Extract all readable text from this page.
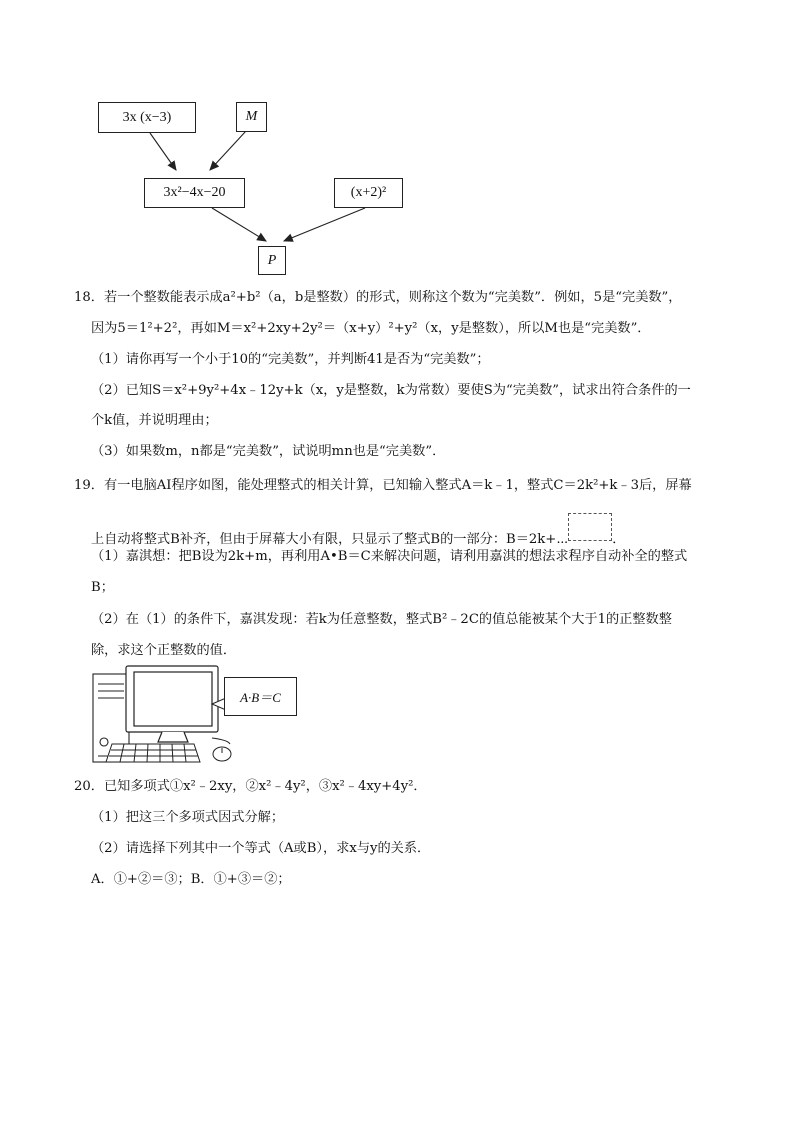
3x (x−3)	M
3x²−4x−20	(x+2)²
P
18．若一个整数能表示成a²+b²（a，b是整数）的形式，则称这个数为“完美数”．例如，5是“完美数”，
因为5＝1²+2²，再如M＝x²+2xy+2y²＝（x+y）²+y²（x，y是整数），所以M也是“完美数”．
（1）请你再写一个小于10的“完美数”，并判断41是否为“完美数”；
（2）已知S＝x²+9y²+4x﹣12y+k（x，y是整数，k为常数）要使S为“完美数”，试求出符合条件的一
个k值，并说明理由；
（3）如果数m，n都是“完美数”，试说明mn也是“完美数”．
19．有一电脑AI程序如图，能处理整式的相关计算，已知输入整式A＝k﹣1，整式C＝2k²+k﹣3后，屏幕
上自动将整式B补齐，但由于屏幕大小有限，只显示了整式B的一部分：B＝2k+⋯	．
（1）嘉淇想：把B设为2k+m，再利用A•B＝C来解决问题，请利用嘉淇的想法求程序自动补全的整式
B；
（2）在（1）的条件下，嘉淇发现：若k为任意整数，整式B²﹣2C的值总能被某个大于1的正整数整
除，求这个正整数的值．
A·B＝C
20．已知多项式①x²﹣2xy，②x²﹣4y²，③x²﹣4xy+4y²．
（1）把这三个多项式因式分解；
（2）请选择下列其中一个等式（A或B），求x与y的关系．
A．①+②＝③；B．①+③＝②；
